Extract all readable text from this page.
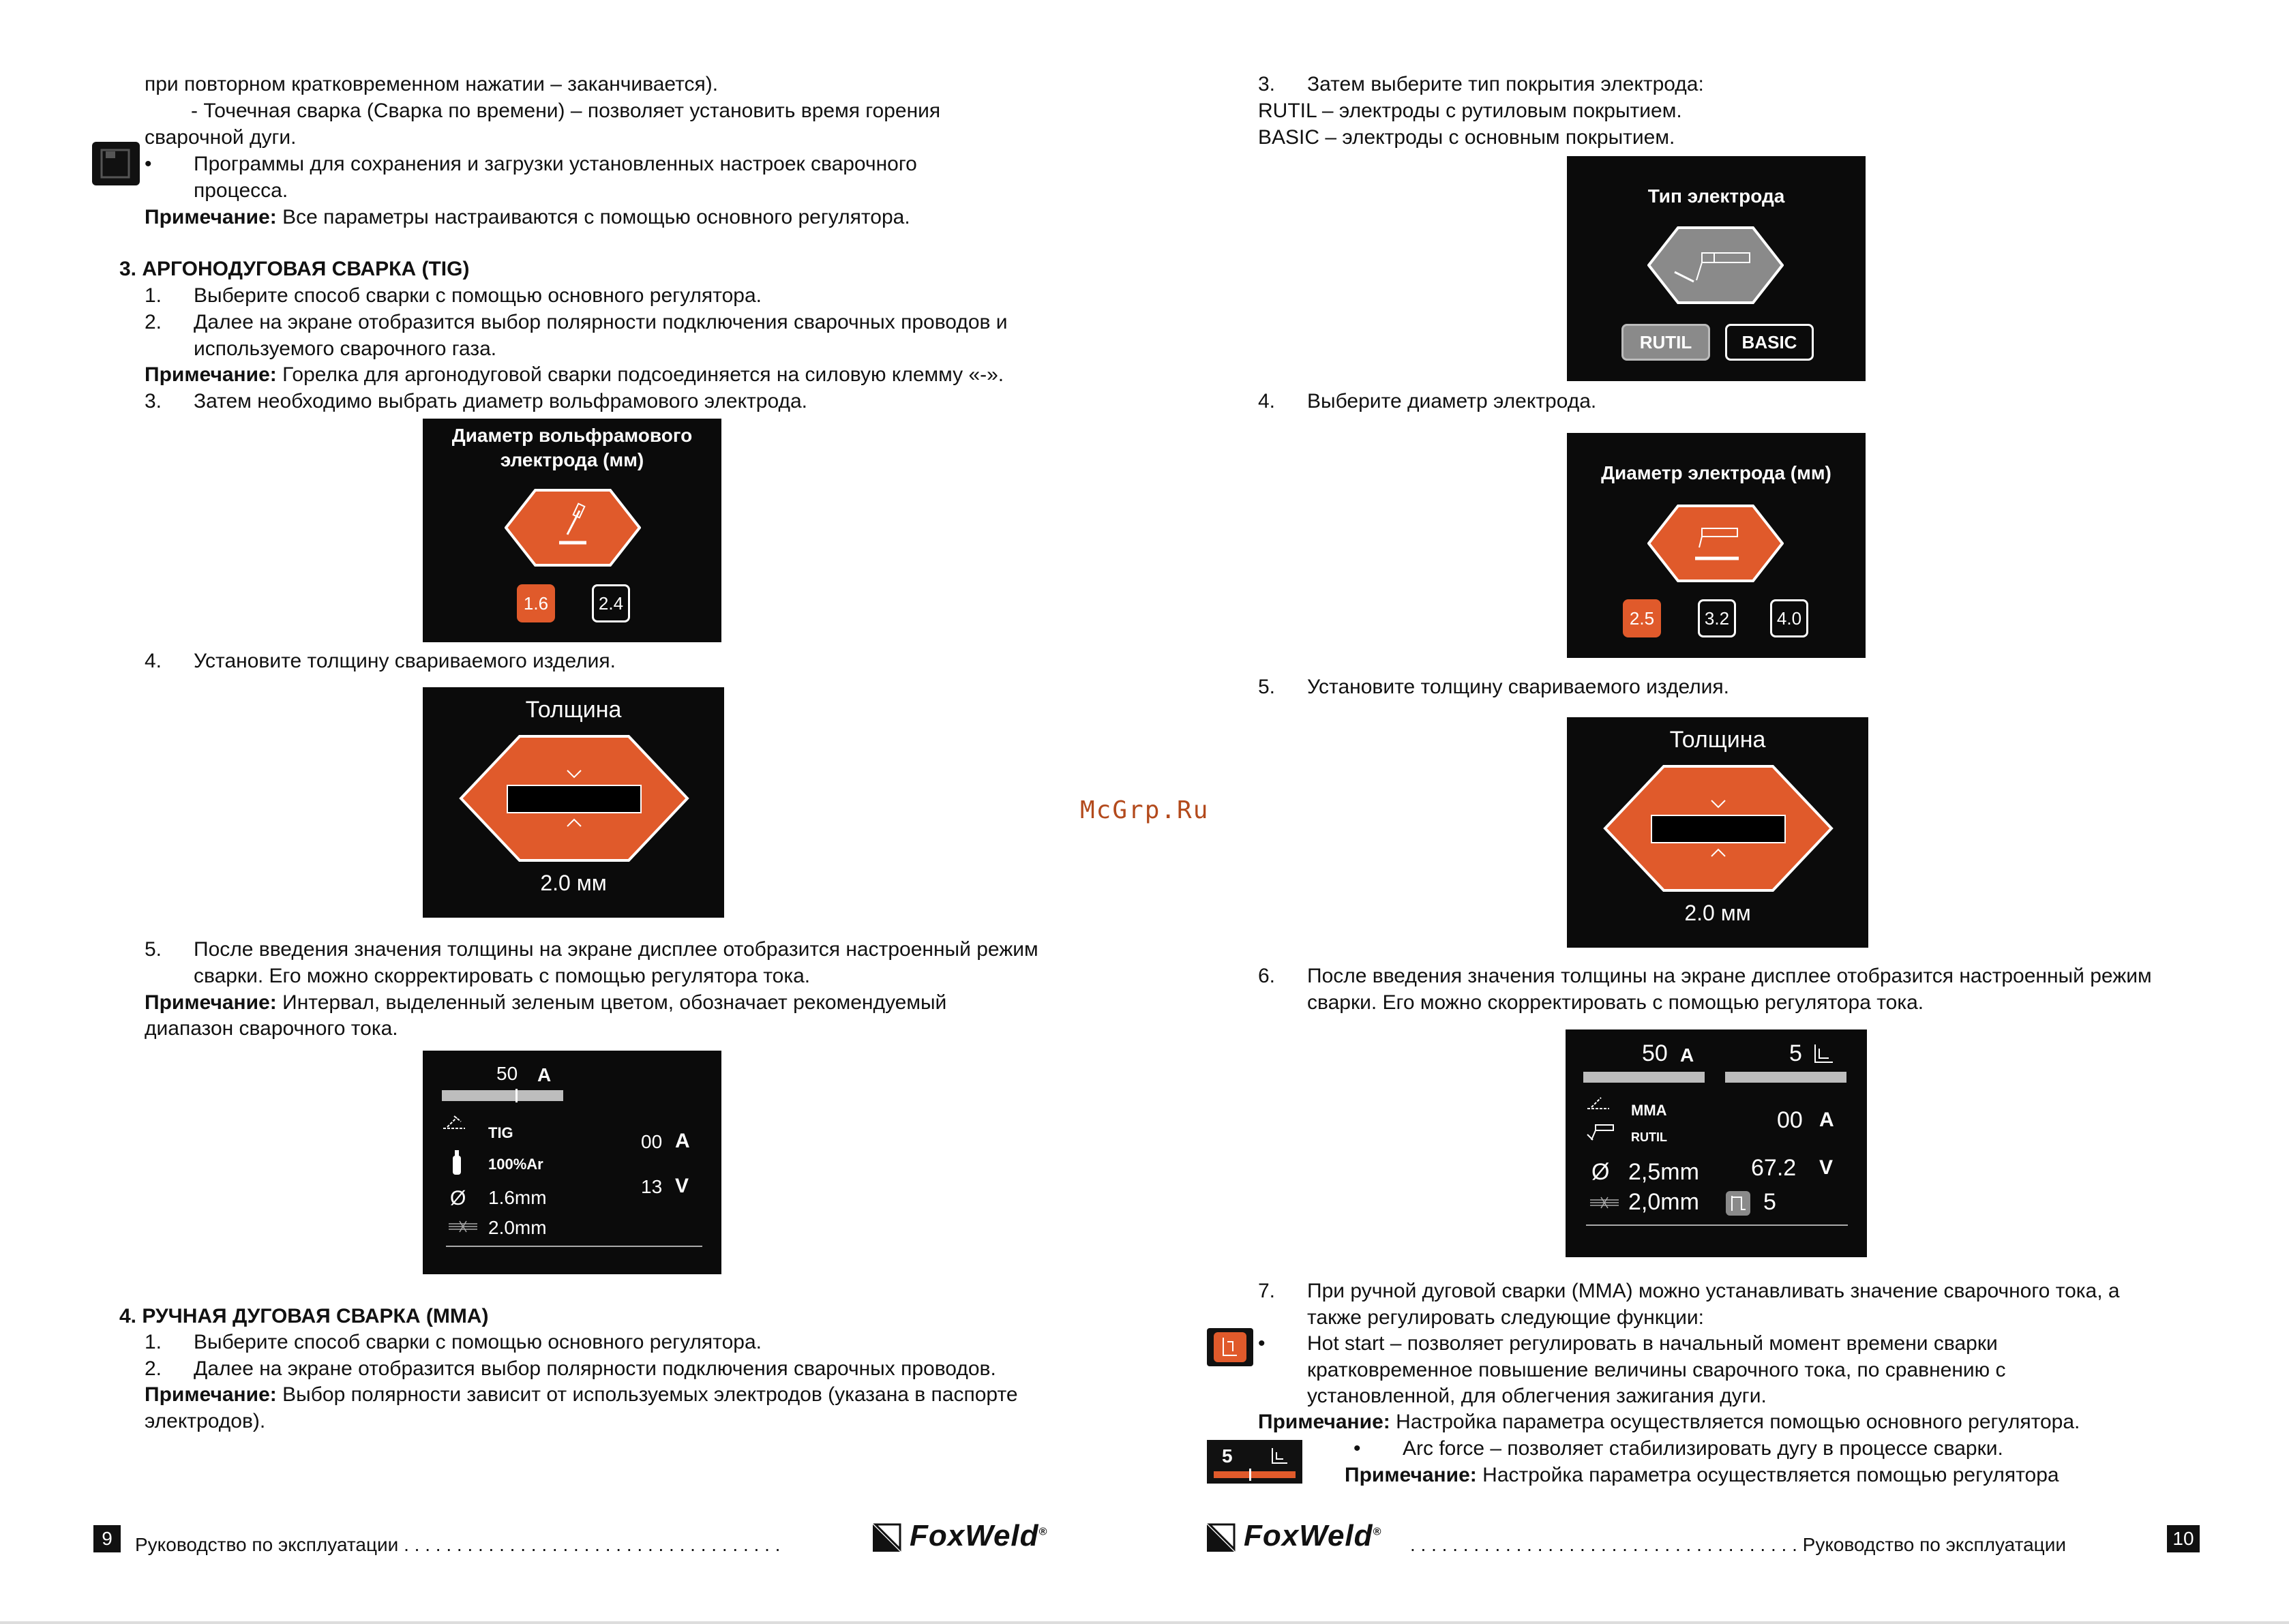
при повторном кратковременном нажатии – заканчивается).
- Точечная сварка (Сварка по времени) – позволяет установить время горения
сварочной дуги.
• Программы для сохранения и загрузки установленных настроек сварочного
процесса.
Примечание: Все параметры настраиваются с помощью основного регулятора.
3. АРГОНОДУГОВАЯ СВАРКА (TIG)
1. Выберите способ сварки с помощью основного регулятора.
2. Далее на экране отобразится выбор полярности подключения сварочных проводов и
используемого сварочного газа.
Примечание: Горелка для аргонодуговой сварки подсоединяется на силовую клемму «-».
3. Затем необходимо выбрать диаметр вольфрамового электрода.
Диаметр вольфрамового
электрода (мм)
1.6	2.4
4. Установите толщину свариваемого изделия.
Толщина
2.0 мм
5. После введения значения толщины на экране дисплее отобразится настроенный режим
сварки. Его можно скорректировать с помощью регулятора тока.
Примечание: Интервал, выделенный зеленым цветом, обозначает рекомендуемый
диапазон сварочного тока.
50 A
TIG
100%Ar
Ø 1.6mm
2.0mm
00 A
13 V
4. РУЧНАЯ ДУГОВАЯ СВАРКА (MMA)
1. Выберите способ сварки с помощью основного регулятора.
2. Далее на экране отобразится выбор полярности подключения сварочных проводов.
Примечание: Выбор полярности зависит от используемых электродов (указана в паспорте
электродов).
9	Руководство по эксплуатации . . . . . . . . . . . . . . . . . . . . . . . . . . . . . . . . . . . .	FoxWeld®
McGrp.Ru
3. Затем выберите тип покрытия электрода:
RUTIL – электроды с рутиловым покрытием.
BASIC – электроды с основным покрытием.
Тип электрода
RUTIL	BASIC
4. Выберите диаметр электрода.
Диаметр электрода (мм)
2.5	3.2	4.0
5. Установите толщину свариваемого изделия.
Толщина
2.0 мм
6. После введения значения толщины на экране дисплее отобразится настроенный режим
сварки. Его можно скорректировать с помощью регулятора тока.
50 A	5
MMA
RUTIL
00 A
Ø 2,5mm 67.2 V
2,0mm	5
7. При ручной дуговой сварки (MMA) можно устанавливать значение сварочного тока, а
также регулировать следующие функции:
• Hot start – позволяет регулировать в начальный момент времени сварки
кратковременное повышение величины сварочного тока, по сравнению с
установленной, для облегчения зажигания дуги.
Примечание: Настройка параметра осуществляется помощью основного регулятора.
5	• Arc force – позволяет стабилизировать дугу в процессе сварки.
Примечание: Настройка параметра осуществляется помощью регулятора
FoxWeld®
. . . . . . . . . . . . . . . . . . . . . . . . . . . . . . . . . . . . . Руководство по эксплуатации	10
